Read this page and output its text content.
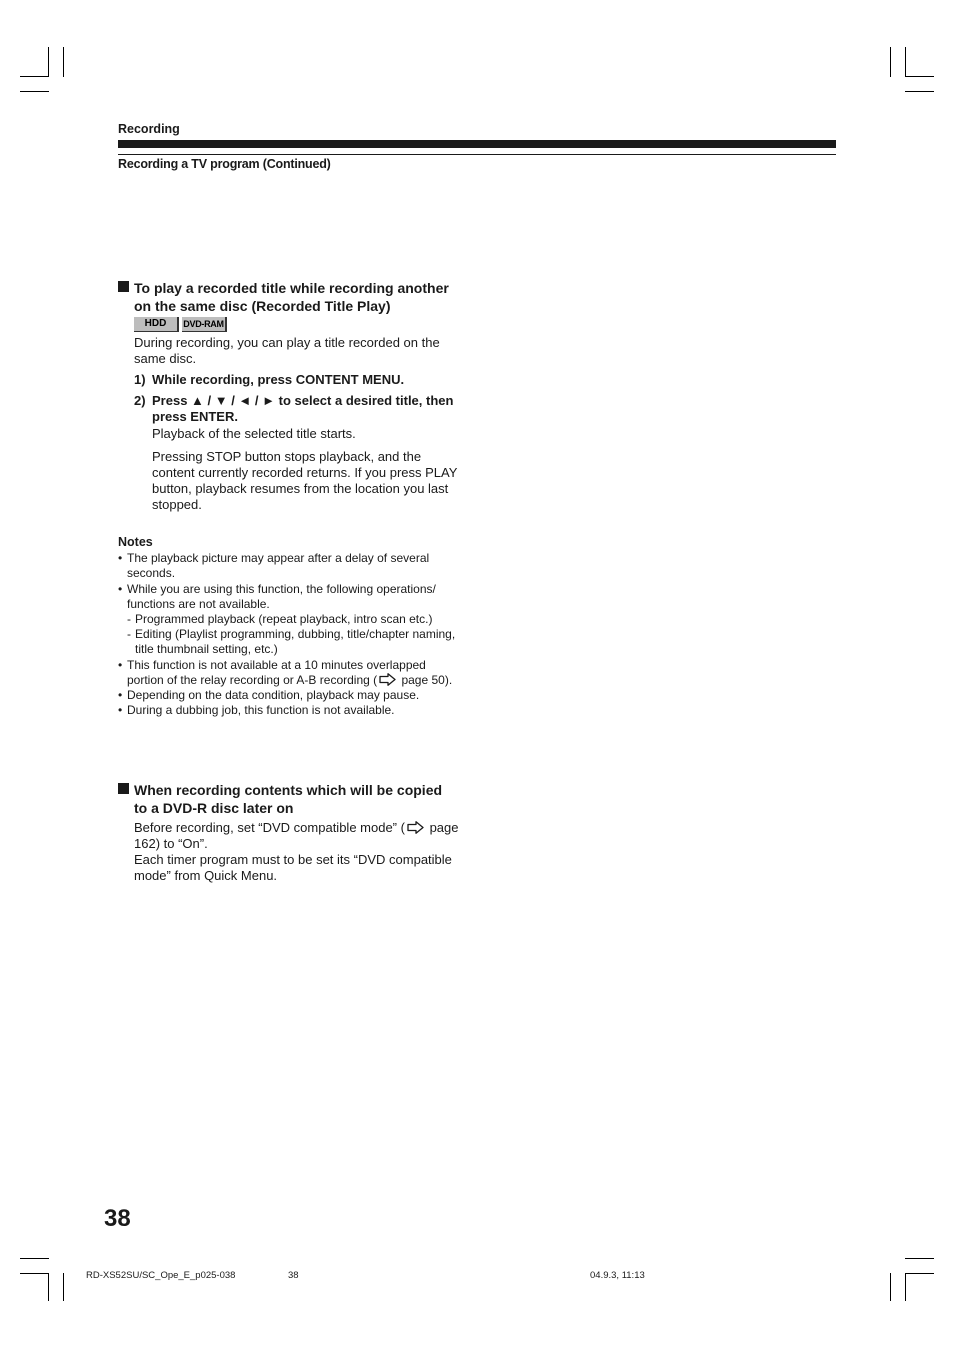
Recording
Recording a TV program (Continued)
To play a recorded title while recording another
on the same disc (Recorded Title Play)
HDD	DVD-RAM
During recording, you can play a title recorded on the same disc.
1) While recording, press CONTENT MENU.
2) Press ▲ / ▼ / ◄ / ► to select a desired title, then press ENTER.
Playback of the selected title starts.
Pressing STOP button stops playback, and the content currently recorded returns. If you press PLAY button, playback resumes from the location you last stopped.
Notes
• The playback picture may appear after a delay of several seconds.
• While you are using this function, the following operations/ functions are not available.
- Programmed playback (repeat playback, intro scan etc.)
- Editing (Playlist programming, dubbing, title/chapter naming, title thumbnail setting, etc.)
• This function is not available at a 10 minutes overlapped portion of the relay recording or A-B recording ( page 50).
• Depending on the data condition, playback may pause.
• During a dubbing job, this function is not available.
When recording contents which will be copied
to a DVD-R disc later on
Before recording, set “DVD compatible mode” ( page 162) to “On”.
Each timer program must to be set its “DVD compatible mode” from Quick Menu.
38
RD-XS52SU/SC_Ope_E_p025-038	38	04.9.3, 11:13
